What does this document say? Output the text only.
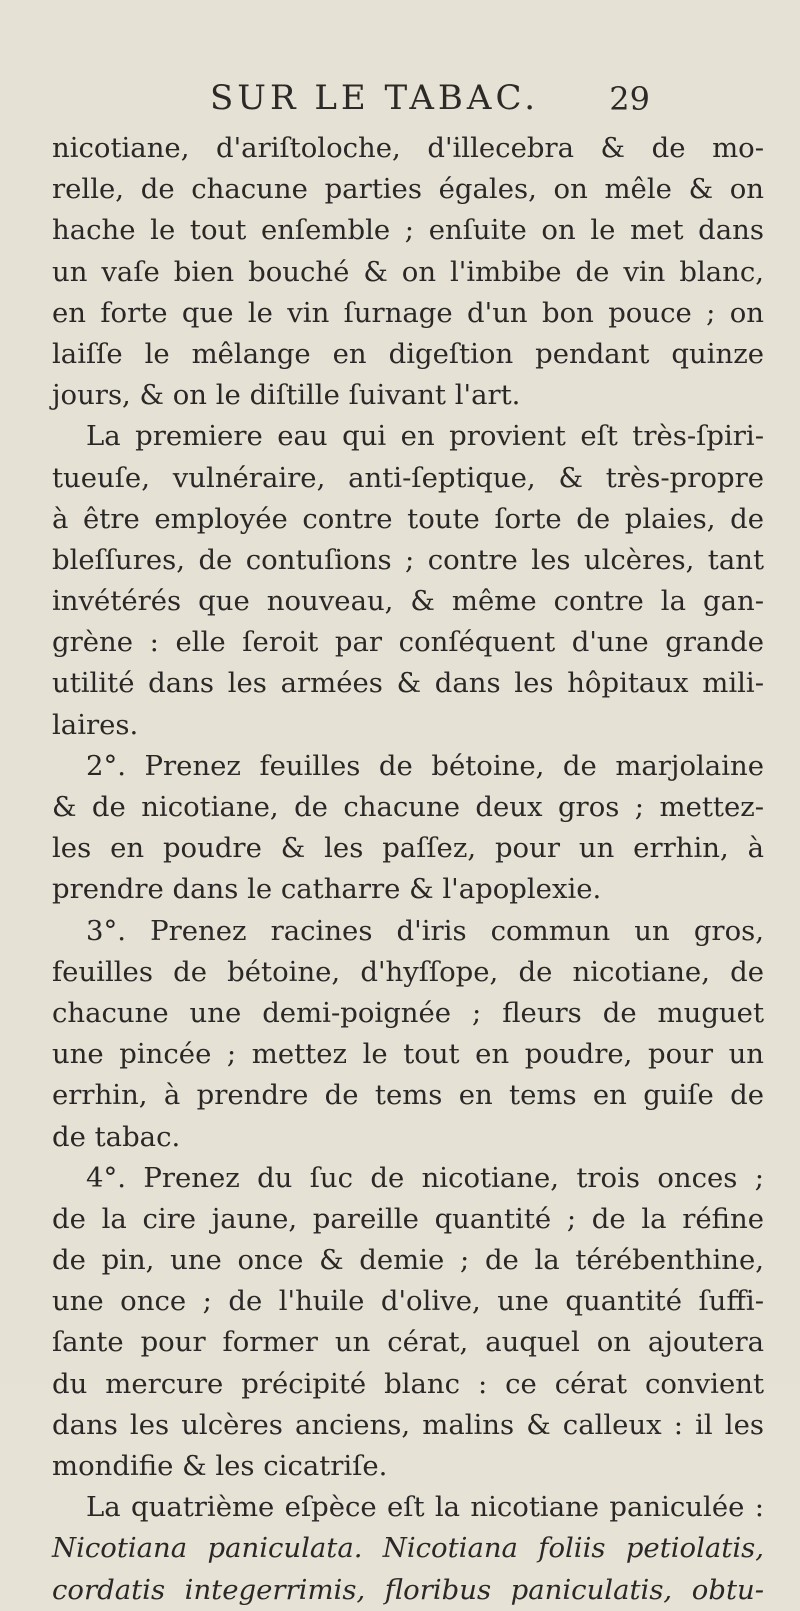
SUR LE TABAC. 29
nicotiane, d'ariſtoloche, d'illecebra & de mo-
relle, de chacune parties égales, on mêle & on
hache le tout enſemble ; enſuite on le met dans
un vaſe bien bouché & on l'imbibe de vin blanc,
en forte que le vin ſurnage d'un bon pouce ; on
laiſſe le mêlange en digeſtion pendant quinze
jours, & on le diſtille ſuivant l'art.
La premiere eau qui en provient eſt très-ſpiri-
tueuſe, vulnéraire, anti-ſeptique, & très-propre
à être employée contre toute ſorte de plaies, de
bleſſures, de contuſions ; contre les ulcères, tant
invétérés que nouveau, & même contre la gan-
grène : elle ſeroit par conſéquent d'une grande
utilité dans les armées & dans les hôpitaux mili-
laires.
2°. Prenez feuilles de bétoine, de marjolaine
& de nicotiane, de chacune deux gros ; mettez-
les en poudre & les paſſez, pour un errhin, à
prendre dans le catharre & l'apoplexie.
3°. Prenez racines d'iris commun un gros,
feuilles de bétoine, d'hyſſope, de nicotiane, de
chacune une demi-poignée ; fleurs de muguet
une pincée ; mettez le tout en poudre, pour un
errhin, à prendre de tems en tems en guiſe de
de tabac.
4°. Prenez du ſuc de nicotiane, trois onces ;
de la cire jaune, pareille quantité ; de la réfine
de pin, une once & demie ; de la térébenthine,
une once ; de l'huile d'olive, une quantité ſuffi-
ſante pour former un cérat, auquel on ajoutera
du mercure précipité blanc : ce cérat convient
dans les ulcères anciens, malins & calleux : il les
mondifie & les cicatriſe.
La quatrième eſpèce eſt la nicotiane paniculée :
Nicotiana paniculata. Nicotiana foliis petiolatis,
cordatis integerrimis, floribus paniculatis, obtu-
